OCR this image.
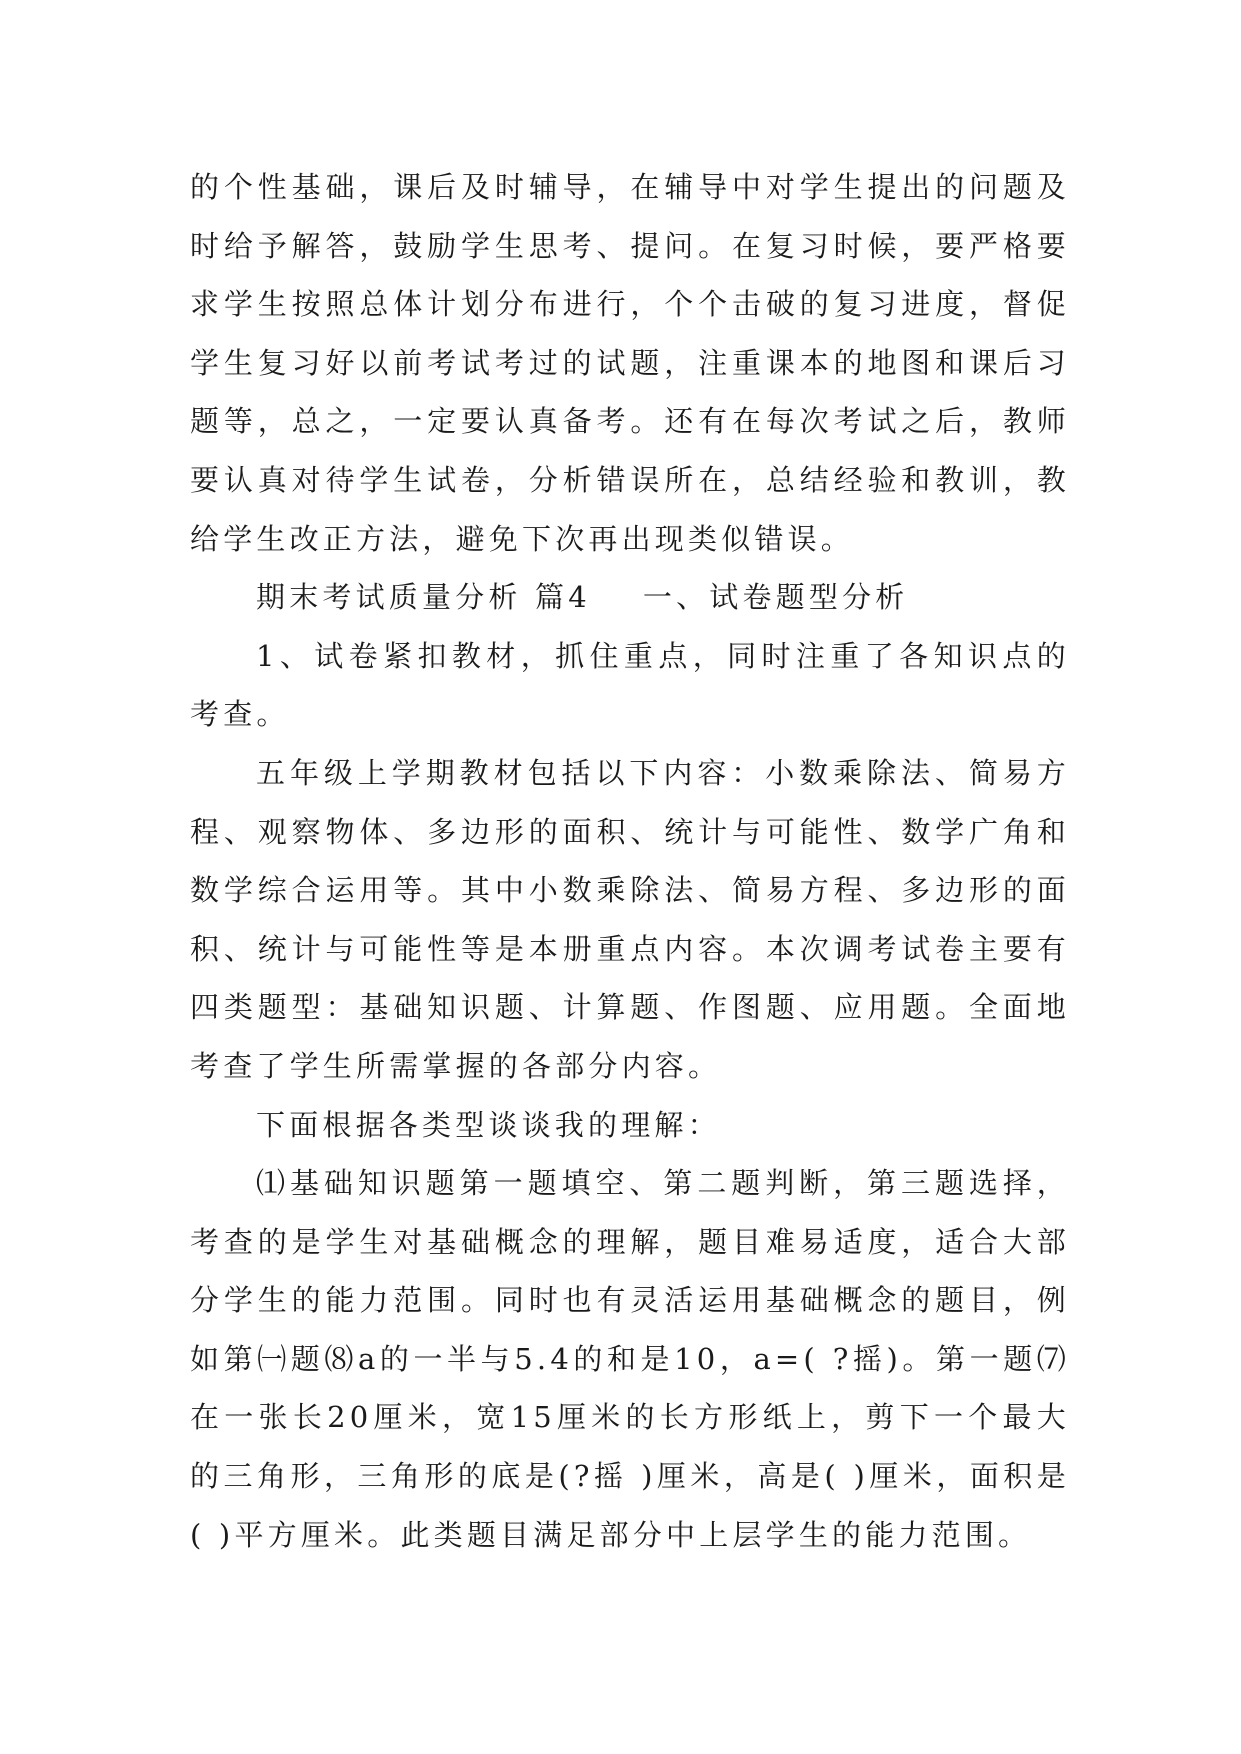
的个性基础，课后及时辅导，在辅导中对学生提出的问题及时给予解答，鼓励学生思考、提问。在复习时候，要严格要求学生按照总体计划分布进行，个个击破的复习进度，督促学生复习好以前考试考过的试题，注重课本的地图和课后习题等，总之，一定要认真备考。还有在每次考试之后，教师要认真对待学生试卷，分析错误所在，总结经验和教训，教给学生改正方法，避免下次再出现类似错误。

期末考试质量分析 篇4 一、试卷题型分析

1、试卷紧扣教材，抓住重点，同时注重了各知识点的考查。

五年级上学期教材包括以下内容：小数乘除法、简易方程、观察物体、多边形的面积、统计与可能性、数学广角和数学综合运用等。其中小数乘除法、简易方程、多边形的面积、统计与可能性等是本册重点内容。本次调考试卷主要有四类题型：基础知识题、计算题、作图题、应用题。全面地考查了学生所需掌握的各部分内容。

下面根据各类型谈谈我的理解：

⑴基础知识题第一题填空、第二题判断，第三题选择，考查的是学生对基础概念的理解，题目难易适度，适合大部分学生的能力范围。同时也有灵活运用基础概念的题目，例如第㈠题⑻a的一半与5.4的和是10，a=( ?摇)。第一题⑺在一张长20厘米，宽15厘米的长方形纸上，剪下一个最大的三角形，三角形的底是(?摇 )厘米，高是( )厘米，面积是( )平方厘米。此类题目满足部分中上层学生的能力范围。
